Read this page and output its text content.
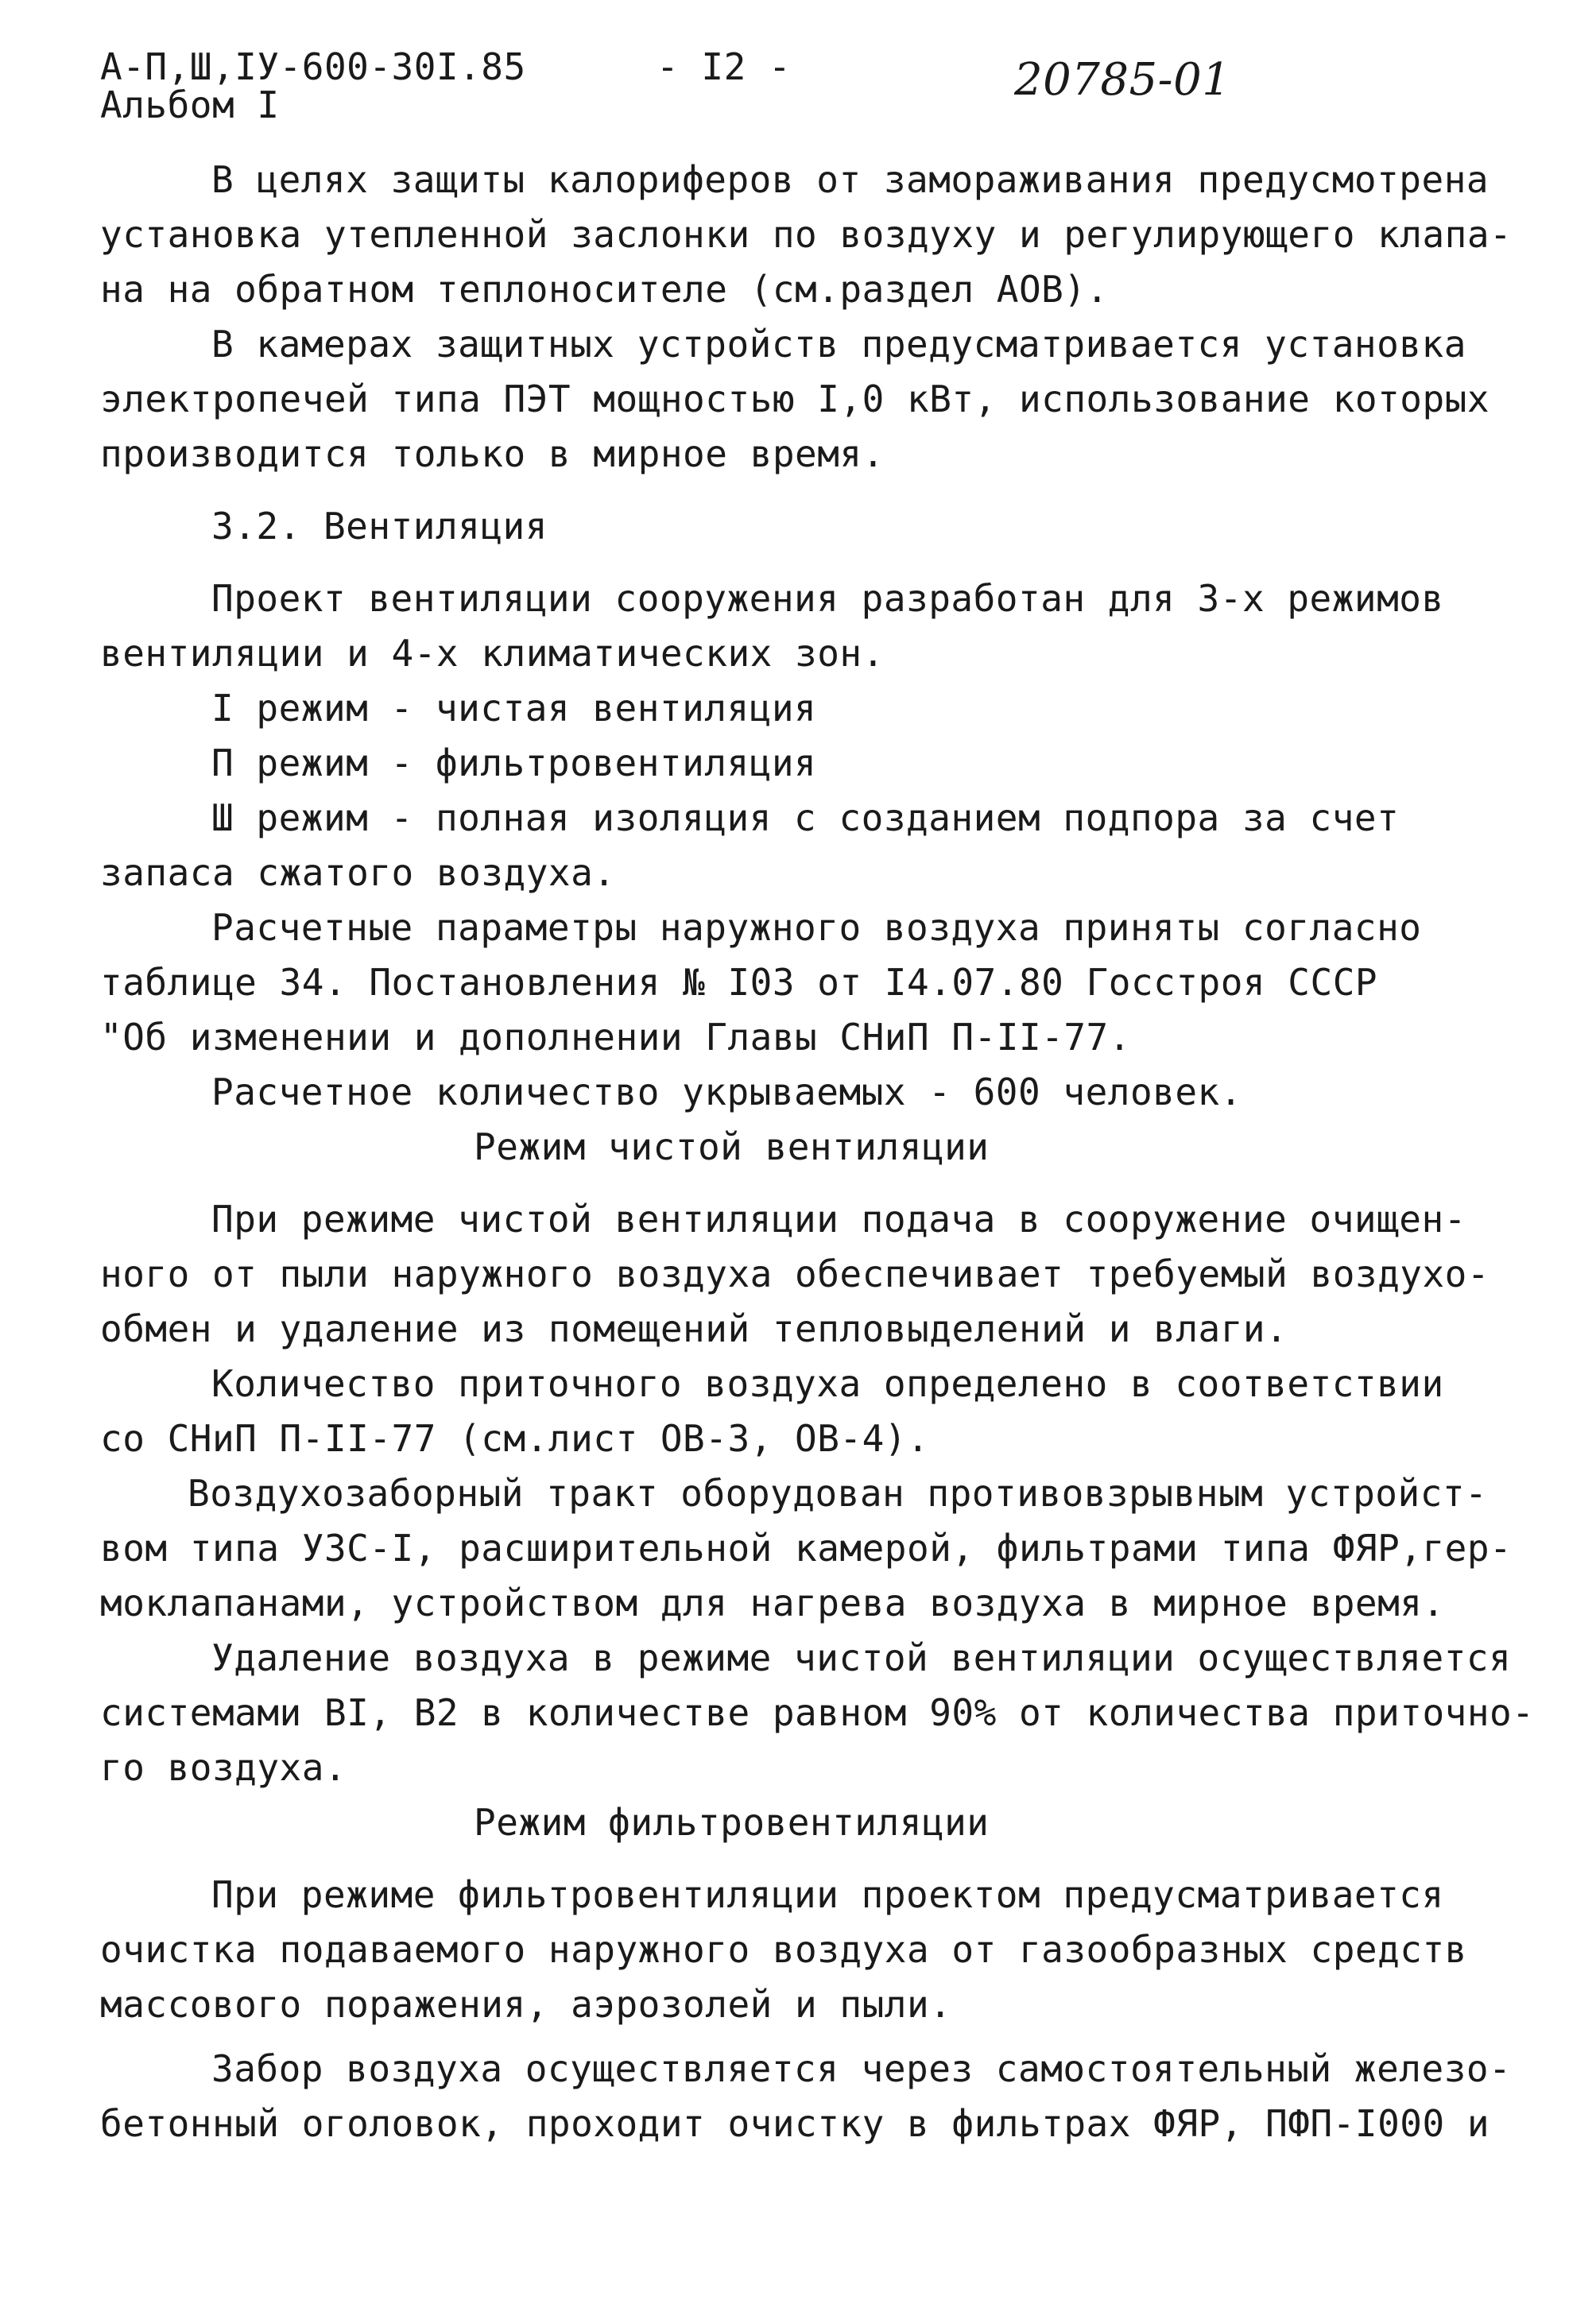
А-П,Ш,IУ-600-30I.85
Альбом I
- I2 -	20785-01

В целях защиты калориферов от замораживания предусмотрена

установка утепленной заслонки по воздуху и регулирующего клапа-

на на обратном теплоносителе (см.раздел АОВ).

В камерах защитных устройств предусматривается установка

электропечей типа ПЭТ мощностью I,0 кВт, использование которых

производится только в мирное время.

3.2. Вентиляция

Проект вентиляции сооружения разработан для 3-х режимов

вентиляции и 4-х климатических зон.

I режим - чистая вентиляция

П режим - фильтровентиляция

Ш режим - полная изоляция с созданием подпора за счет

запаса сжатого воздуха.

Расчетные параметры наружного воздуха приняты согласно

таблице 34. Постановления № I03 от I4.07.80 Госстроя СССР

"Об изменении и дополнении Главы СНиП П-II-77.

Расчетное количество укрываемых - 600 человек.

Режим чистой вентиляции

При режиме чистой вентиляции подача в сооружение очищен-

ного от пыли наружного воздуха обеспечивает требуемый воздухо-

обмен и удаление из помещений тепловыделений и влаги.

Количество приточного воздуха определено в соответствии

со СНиП П-II-77 (см.лист ОВ-3, ОВ-4).

Воздухозаборный тракт оборудован противовзрывным устройст-

вом типа УЗС-I, расширительной камерой, фильтрами типа ФЯР,гер-

моклапанами, устройством для нагрева воздуха в мирное время.

Удаление воздуха в режиме чистой вентиляции осуществляется

системами ВI, В2 в количестве равном 90% от количества приточно-

го воздуха.

Режим фильтровентиляции

При режиме фильтровентиляции проектом предусматривается

очистка подаваемого наружного воздуха от газообразных средств

массового поражения, аэрозолей и пыли.

Забор воздуха осуществляется через самостоятельный железо-

бетонный оголовок, проходит очистку в фильтрах ФЯР, ПФП-I000 и
